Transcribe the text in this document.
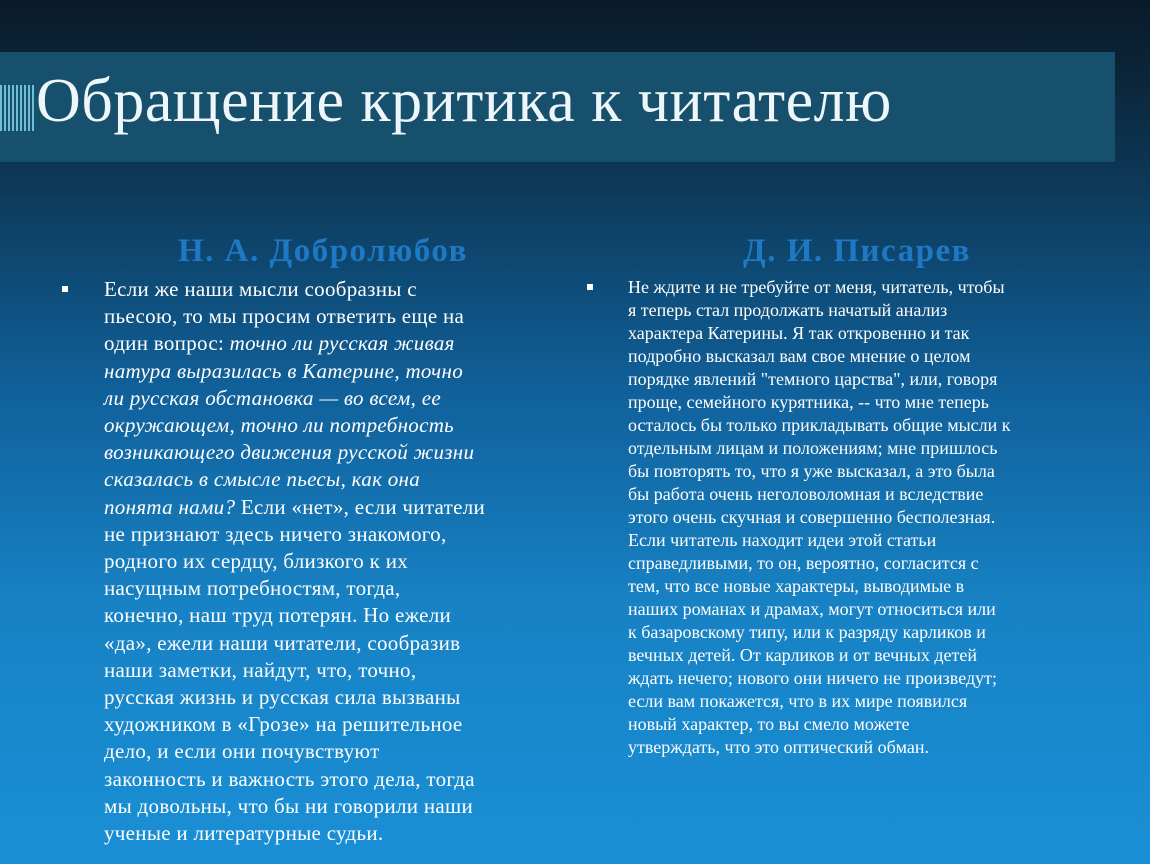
Обращение критика к читателю
Н. А. Добролюбов	Д. И. Писарев
Если же наши мысли сообразны с
пьесою, то мы просим ответить еще на
один вопрос: точно ли русская живая
натура выразилась в Катерине, точно
ли русская обстановка — во всем, ее
окружающем, точно ли потребность
возникающего движения русской жизни
сказалась в смысле пьесы, как она
понята нами? Если «нет», если читатели
не признают здесь ничего знакомого,
родного их сердцу, близкого к их
насущным потребностям, тогда,
конечно, наш труд потерян. Но ежели
«да», ежели наши читатели, сообразив
наши заметки, найдут, что, точно,
русская жизнь и русская сила вызваны
художником в «Грозе» на решительное
дело, и если они почувствуют
законность и важность этого дела, тогда
мы довольны, что бы ни говорили наши
ученые и литературные судьи.
Не ждите и не требуйте от меня, читатель, чтобы
я теперь стал продолжать начатый анализ
характера Катерины. Я так откровенно и так
подробно высказал вам свое мнение о целом
порядке явлений "темного царства", или, говоря
проще, семейного курятника, -- что мне теперь
осталось бы только прикладывать общие мысли к
отдельным лицам и положениям; мне пришлось
бы повторять то, что я уже высказал, а это была
бы работа очень неголоволомная и вследствие
этого очень скучная и совершенно бесполезная.
Если читатель находит идеи этой статьи
справедливыми, то он, вероятно, согласится с
тем, что все новые характеры, выводимые в
наших романах и драмах, могут относиться или
к базаровскому типу, или к разряду карликов и
вечных детей. От карликов и от вечных детей
ждать нечего; нового они ничего не произведут;
если вам покажется, что в их мире появился
новый характер, то вы смело можете
утверждать, что это оптический обман.
